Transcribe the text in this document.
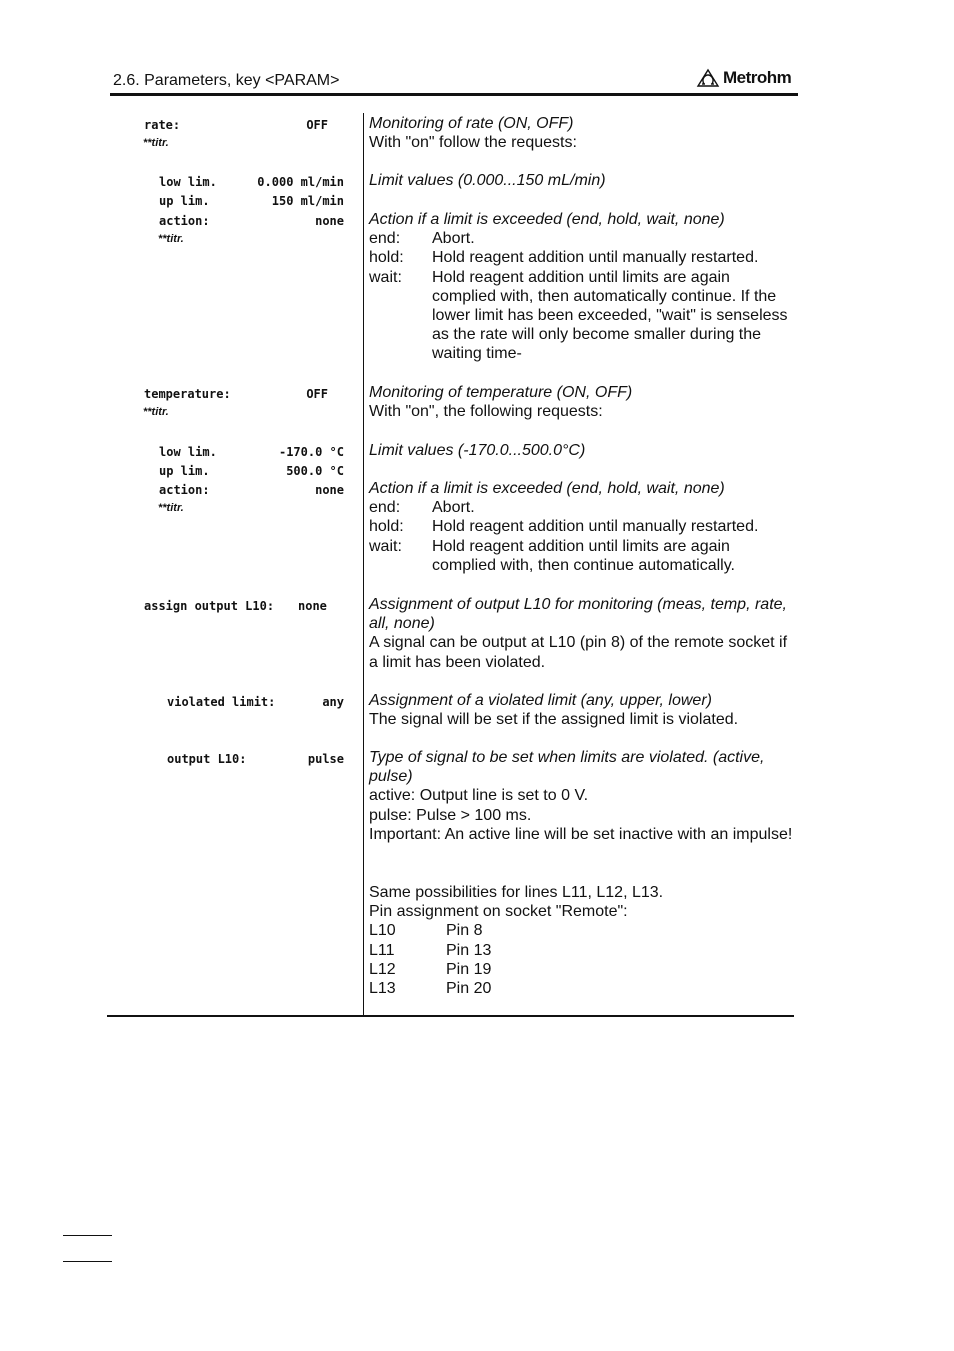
2.6. Parameters, key <PARAM>	Metrohm
rate:	OFF
**titr.
low lim.	0.000 ml/min
up lim.	150 ml/min
action:	none
**titr.
temperature:	OFF
**titr.
low lim.	-170.0 °C
up lim.	500.0 °C
action:	none
**titr.
assign output L10: none
violated limit:	any
output L10:	pulse
Monitoring of rate (ON, OFF)
With "on" follow the requests:
Limit values (0.000...150 mL/min)
Action if a limit is exceeded (end, hold, wait, none)
end:	Abort.
hold:	Hold reagent addition until manually restarted.
wait:	Hold reagent addition until limits are again complied with, then automatically continue. If the lower limit has been exceeded, "wait" is senseless as the rate will only become smaller during the waiting time-
Monitoring of temperature (ON, OFF)
With "on", the following requests:
Limit values (-170.0...500.0°C)
Action if a limit is exceeded (end, hold, wait, none)
end:	Abort.
hold:	Hold reagent addition until manually restarted.
wait:	Hold reagent addition until limits are again complied with, then continue automatically.
Assignment of output L10 for monitoring (meas, temp, rate, all, none)
A signal can be output at L10 (pin 8) of the remote socket if a limit has been violated.
Assignment of a violated limit (any, upper, lower)
The signal will be set if the assigned limit is violated.
Type of signal to be set when limits are violated. (active, pulse)
active: Output line is set to 0 V.
pulse: Pulse > 100 ms.
Important: An active line will be set inactive with an impulse!
Same possibilities for lines L11, L12, L13.
Pin assignment on socket "Remote":
L10	Pin 8
L11	Pin 13
L12	Pin 19
L13	Pin 20
